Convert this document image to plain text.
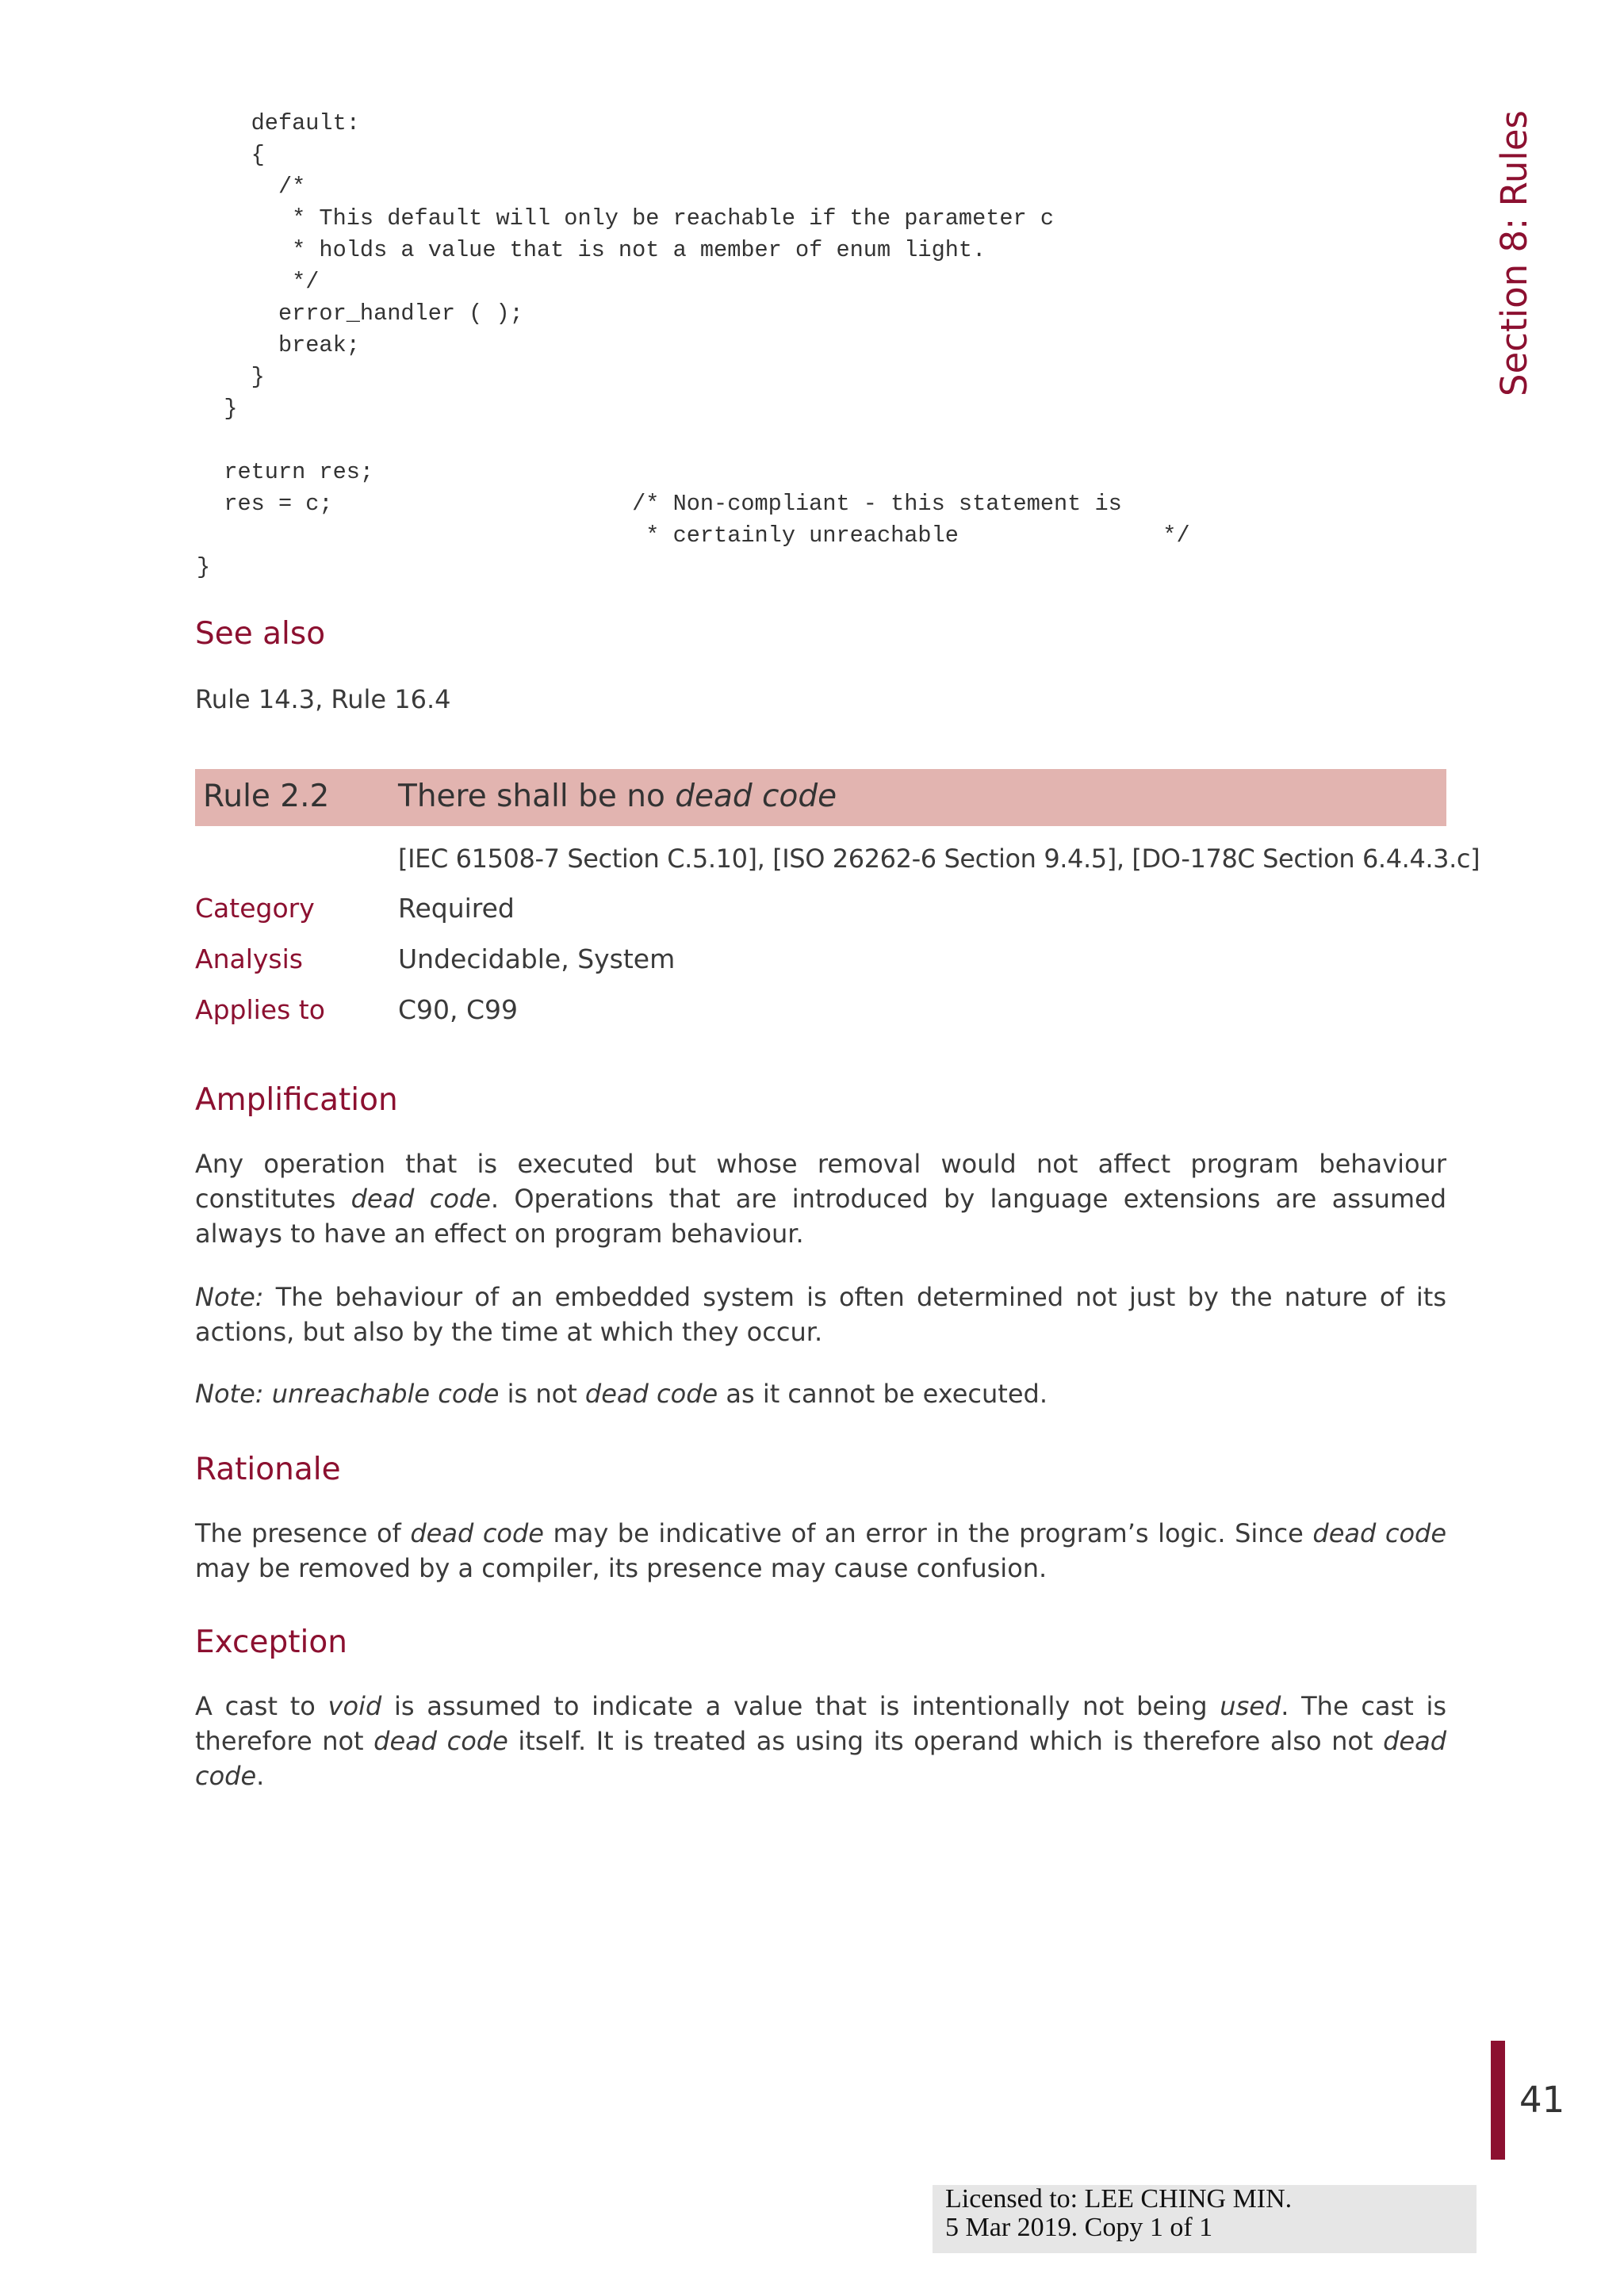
default:
{
/*
* This default will only be reachable if the parameter c
* holds a value that is not a member of enum light.
*/
error_handler ( );
break;
}
}

return res;
res = c;                      /* Non-compliant - this statement is
* certainly unreachable               */
}
See also

Rule 14.3, Rule 16.4

Rule 2.2 There shall be no dead code
[IEC 61508-7 Section C.5.10], [ISO 26262-6 Section 9.4.5], [DO-178C Section 6.4.4.3.c]
Category	Required
Analysis	Undecidable, System
Applies to	C90, C99
Amplification

Any operation that is executed but whose removal would not affect program behaviour constitutes dead code. Operations that are introduced by language extensions are assumed always to have an effect on program behaviour.

Note: The behaviour of an embedded system is often determined not just by the nature of its actions, but also by the time at which they occur.

Note: unreachable code is not dead code as it cannot be executed.

Rationale

The presence of dead code may be indicative of an error in the program’s logic. Since dead code may be removed by a compiler, its presence may cause confusion.

Exception

A cast to void is assumed to indicate a value that is intentionally not being used. The cast is therefore not dead code itself. It is treated as using its operand which is therefore also not dead code.

Section 8: Rules
41
Licensed to: LEE CHING MIN.
5 Mar 2019. Copy 1 of 1
